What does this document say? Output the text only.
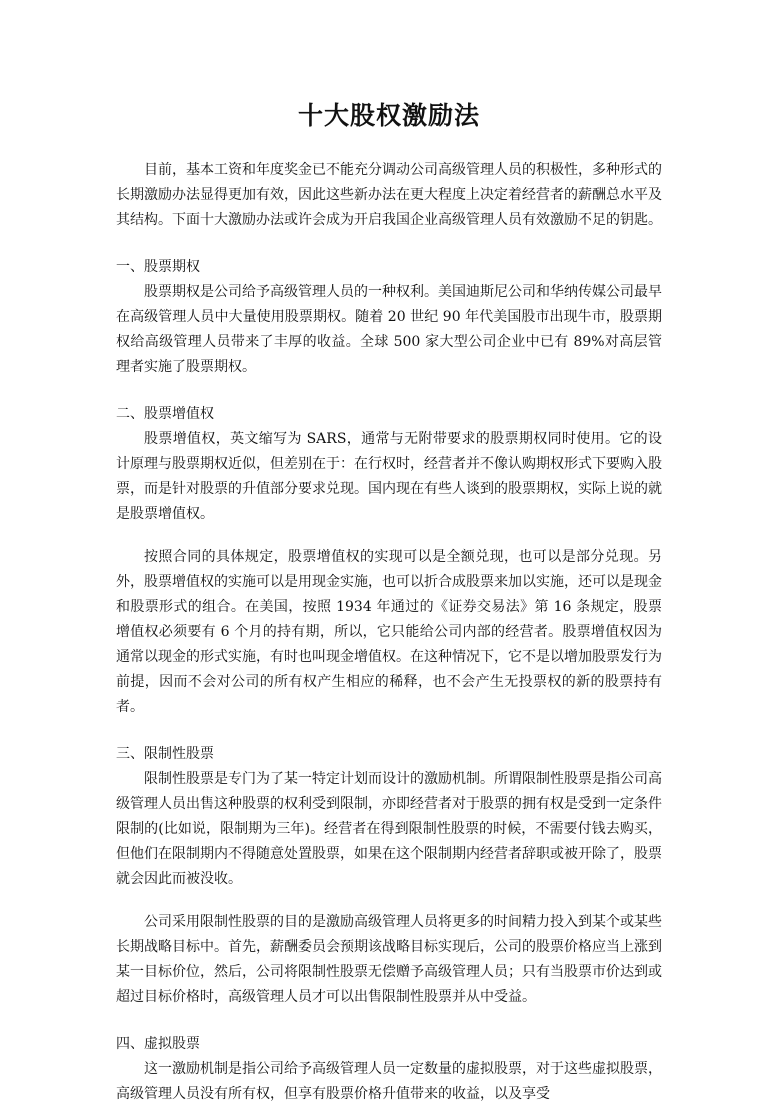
十大股权激励法

目前，基本工资和年度奖金已不能充分调动公司高级管理人员的积极性，多种形式的长期激励办法显得更加有效，因此这些新办法在更大程度上决定着经营者的薪酬总水平及其结构。下面十大激励办法或许会成为开启我国企业高级管理人员有效激励不足的钥匙。

一、股票期权

股票期权是公司给予高级管理人员的一种权利。美国迪斯尼公司和华纳传媒公司最早在高级管理人员中大量使用股票期权。随着 20 世纪 90 年代美国股市出现牛市，股票期权给高级管理人员带来了丰厚的收益。全球 500 家大型公司企业中已有 89%对高层管理者实施了股票期权。

二、股票增值权

股票增值权，英文缩写为 SARS，通常与无附带要求的股票期权同时使用。它的设计原理与股票期权近似，但差别在于：在行权时，经营者并不像认购期权形式下要购入股票，而是针对股票的升值部分要求兑现。国内现在有些人谈到的股票期权，实际上说的就是股票增值权。

按照合同的具体规定，股票增值权的实现可以是全额兑现，也可以是部分兑现。另外，股票增值权的实施可以是用现金实施，也可以折合成股票来加以实施，还可以是现金和股票形式的组合。在美国，按照 1934 年通过的《证券交易法》第 16 条规定，股票增值权必须要有 6 个月的持有期，所以，它只能给公司内部的经营者。股票增值权因为通常以现金的形式实施，有时也叫现金增值权。在这种情况下，它不是以增加股票发行为前提，因而不会对公司的所有权产生相应的稀释，也不会产生无投票权的新的股票持有者。

三、限制性股票

限制性股票是专门为了某一特定计划而设计的激励机制。所谓限制性股票是指公司高级管理人员出售这种股票的权利受到限制，亦即经营者对于股票的拥有权是受到一定条件限制的(比如说，限制期为三年)。经营者在得到限制性股票的时候，不需要付钱去购买，但他们在限制期内不得随意处置股票，如果在这个限制期内经营者辞职或被开除了，股票就会因此而被没收。

公司采用限制性股票的目的是激励高级管理人员将更多的时间精力投入到某个或某些长期战略目标中。首先，薪酬委员会预期该战略目标实现后，公司的股票价格应当上涨到某一目标价位，然后，公司将限制性股票无偿赠予高级管理人员；只有当股票市价达到或超过目标价格时，高级管理人员才可以出售限制性股票并从中受益。

四、虚拟股票

这一激励机制是指公司给予高级管理人员一定数量的虚拟股票，对于这些虚拟股票，高级管理人员没有所有权，但享有股票价格升值带来的收益，以及享受
